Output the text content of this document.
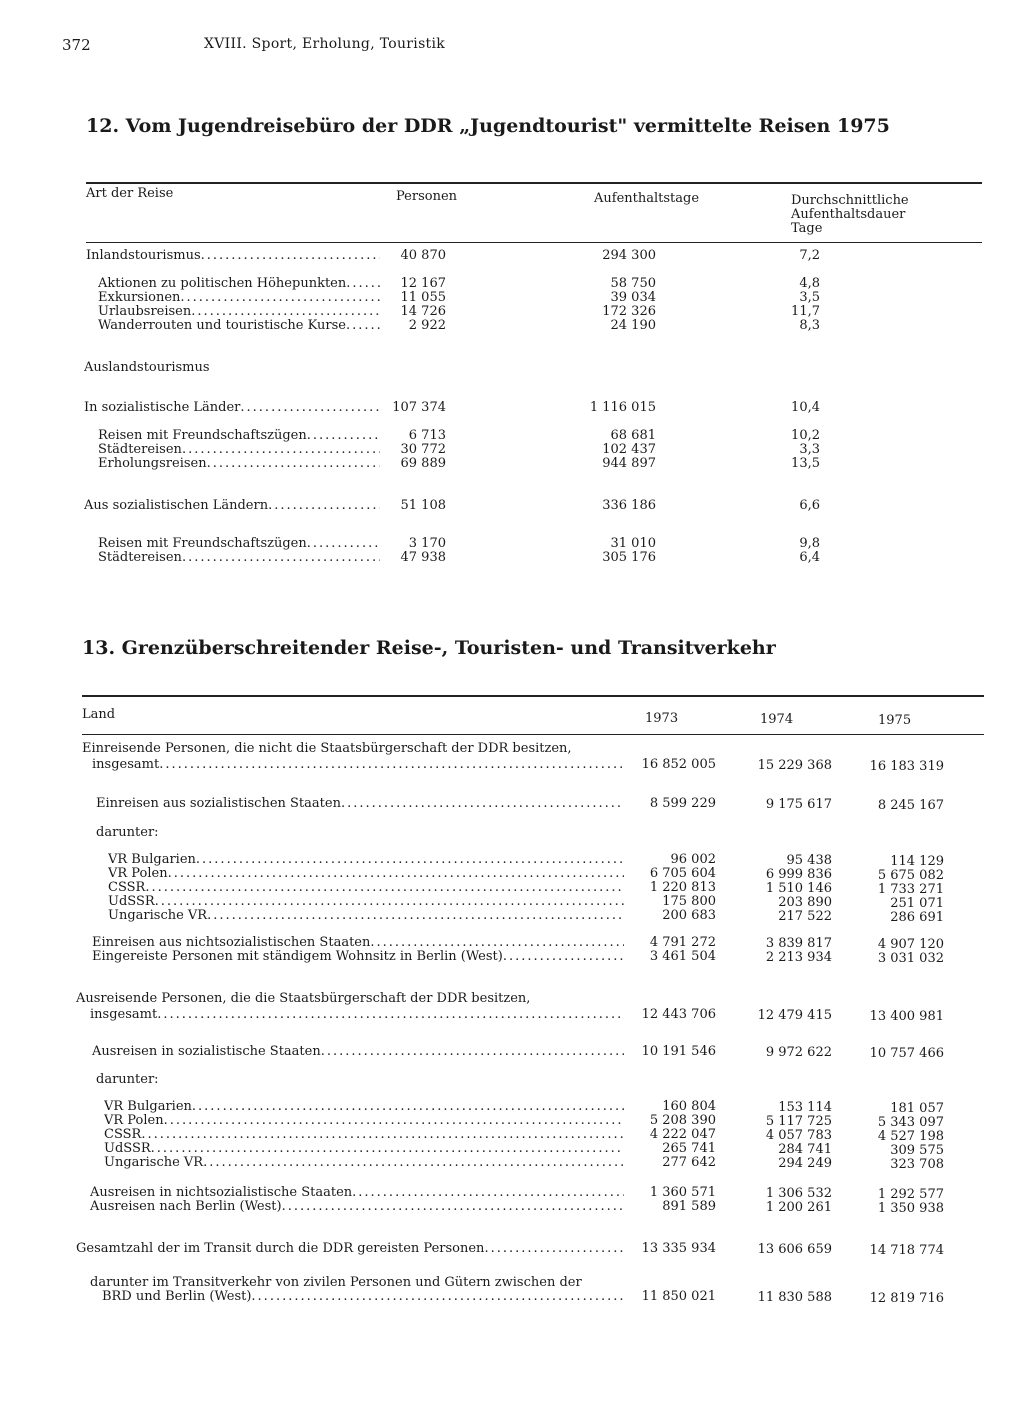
372	XVIII. Sport, Erholung, Touristik
12. Vom Jugendreisebüro der DDR „Jugendtourist" vermittelte Reisen 1975
Art der Reise	Personen	Aufenthaltstage	Durchschnittliche
Aufenthaltsdauer
Tage
Inlandstourismus .....	40 870	294 300	7,2
Aktionen zu politischen Höhepunkten .....	12 167	58 750	4,8
Exkursionen .....	11 055	39 034	3,5
Urlaubsreisen .....	14 726	172 326	11,7
Wanderrouten und touristische Kurse .....	2 922	24 190	8,3
Auslandstourismus
In sozialistische Länder .....	107 374	1 116 015	10,4
Reisen mit Freundschaftszügen .....	6 713	68 681	10,2
Städtereisen .....	30 772	102 437	3,3
Erholungsreisen .....	69 889	944 897	13,5
Aus sozialistischen Ländern .....	51 108	336 186	6,6
Reisen mit Freundschaftszügen .....	3 170	31 010	9,8
Städtereisen .....	47 938	305 176	6,4
13. Grenzüberschreitender Reise-, Touristen- und Transitverkehr
Land	1973	1974	1975
Einreisende Personen, die nicht die Staatsbürgerschaft der DDR besitzen,
insgesamt .....	16 852 005	15 229 368	16 183 319
Einreisen aus sozialistischen Staaten .....	8 599 229	9 175 617	8 245 167
darunter:
VR Bulgarien .....	96 002	95 438	114 129
VR Polen .....	6 705 604	6 999 836	5 675 082
ČSSR .....	1 220 813	1 510 146	1 733 271
UdSSR .....	175 800	203 890	251 071
Ungarische VR .....	200 683	217 522	286 691
Einreisen aus nichtsozialistischen Staaten .....	4 791 272	3 839 817	4 907 120
Eingereiste Personen mit ständigem Wohnsitz in Berlin (West) .....	3 461 504	2 213 934	3 031 032
Ausreisende Personen, die die Staatsbürgerschaft der DDR besitzen,
insgesamt .....	12 443 706	12 479 415	13 400 981
Ausreisen in sozialistische Staaten .....	10 191 546	9 972 622	10 757 466
darunter:
VR Bulgarien .....	160 804	153 114	181 057
VR Polen .....	5 208 390	5 117 725	5 343 097
ČSSR .....	4 222 047	4 057 783	4 527 198
UdSSR .....	265 741	284 741	309 575
Ungarische VR .....	277 642	294 249	323 708
Ausreisen in nichtsozialistische Staaten .....	1 360 571	1 306 532	1 292 577
Ausreisen nach Berlin (West) .....	891 589	1 200 261	1 350 938
Gesamtzahl der im Transit durch die DDR gereisten Personen .....	13 335 934	13 606 659	14 718 774
darunter im Transitverkehr von zivilen Personen und Gütern zwischen der
BRD und Berlin (West) .....	11 850 021	11 830 588	12 819 716
